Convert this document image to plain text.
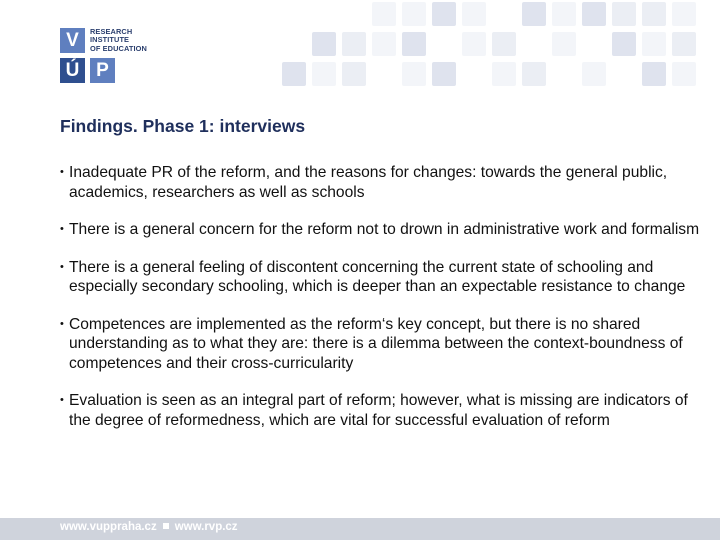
V
Ú P
RESEARCH
INSTITUTE
OF EDUCATION
Findings. Phase 1: interviews
• Inadequate PR of the reform, and the reasons for changes: towards the general public, academics, researchers as well as schools
• There is a general concern for the reform not to drown in administrative work and formalism
• There is a general feeling of discontent concerning the current state of schooling and especially secondary schooling, which is deeper than an expectable resistance to change
• Competences are implemented as the reform‘s key concept, but there is no shared understanding as to what they are: there is a dilemma between the context-boundness of competences and their cross-curricularity
• Evaluation is seen as an integral part of reform; however, what is missing are indicators of the degree of reformedness, which are vital for successful evaluation of reform
www.vuppraha.cz www.rvp.cz
